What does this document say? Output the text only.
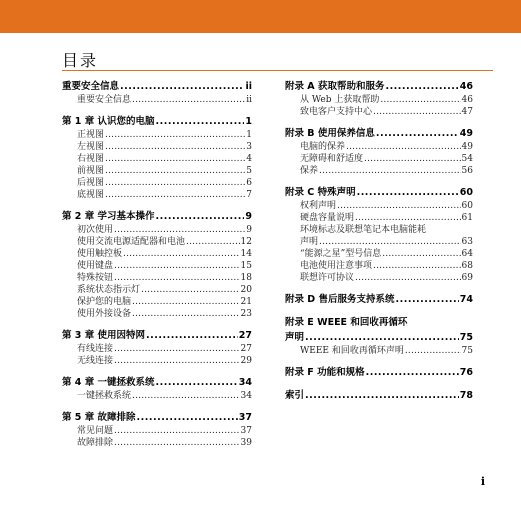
目录
重要安全信息 .....	ii
重要安全信息 .....	ii
第 1 章 认识您的电脑 .....	1
正视图 .....	1
左视图 .....	3
右视图 .....	4
前视图 .....	5
后视图 .....	6
底视图 .....	7
第 2 章 学习基本操作 .....	9
初次使用 .....	9
使用交流电源适配器和电池 .....	12
使用触控板 .....	14
使用键盘 .....	15
特殊按钮 .....	18
系统状态指示灯 .....	20
保护您的电脑 .....	21
使用外接设备 .....	23
第 3 章 使用因特网 .....	27
有线连接 .....	27
无线连接 .....	29
第 4 章 一键拯救系统 .....	34
一键拯救系统 .....	34
第 5 章 故障排除 .....	37
常见问题 .....	37
故障排除 .....	39
附录 A 获取帮助和服务 .....	46
从 Web 上获取帮助 .....	46
致电客户支持中心 .....	47
附录 B 使用保养信息 .....	49
电脑的保养 .....	49
无障碍和舒适度 .....	54
保养 .....	56
附录 C 特殊声明 .....	60
权利声明 .....	60
硬盘容量说明 .....	61
环境标志及联想笔记本电脑能耗
声明 .....	63
“能源之星”型号信息 .....	64
电池使用注意事项 .....	68
联想许可协议 .....	69
附录 D 售后服务支持系统 .....	74
附录 E WEEE 和回收再循环
声明 .....	75
WEEE 和回收再循环声明 .....	75
附录 F 功能和规格 .....	76
索引 .....	78
i
